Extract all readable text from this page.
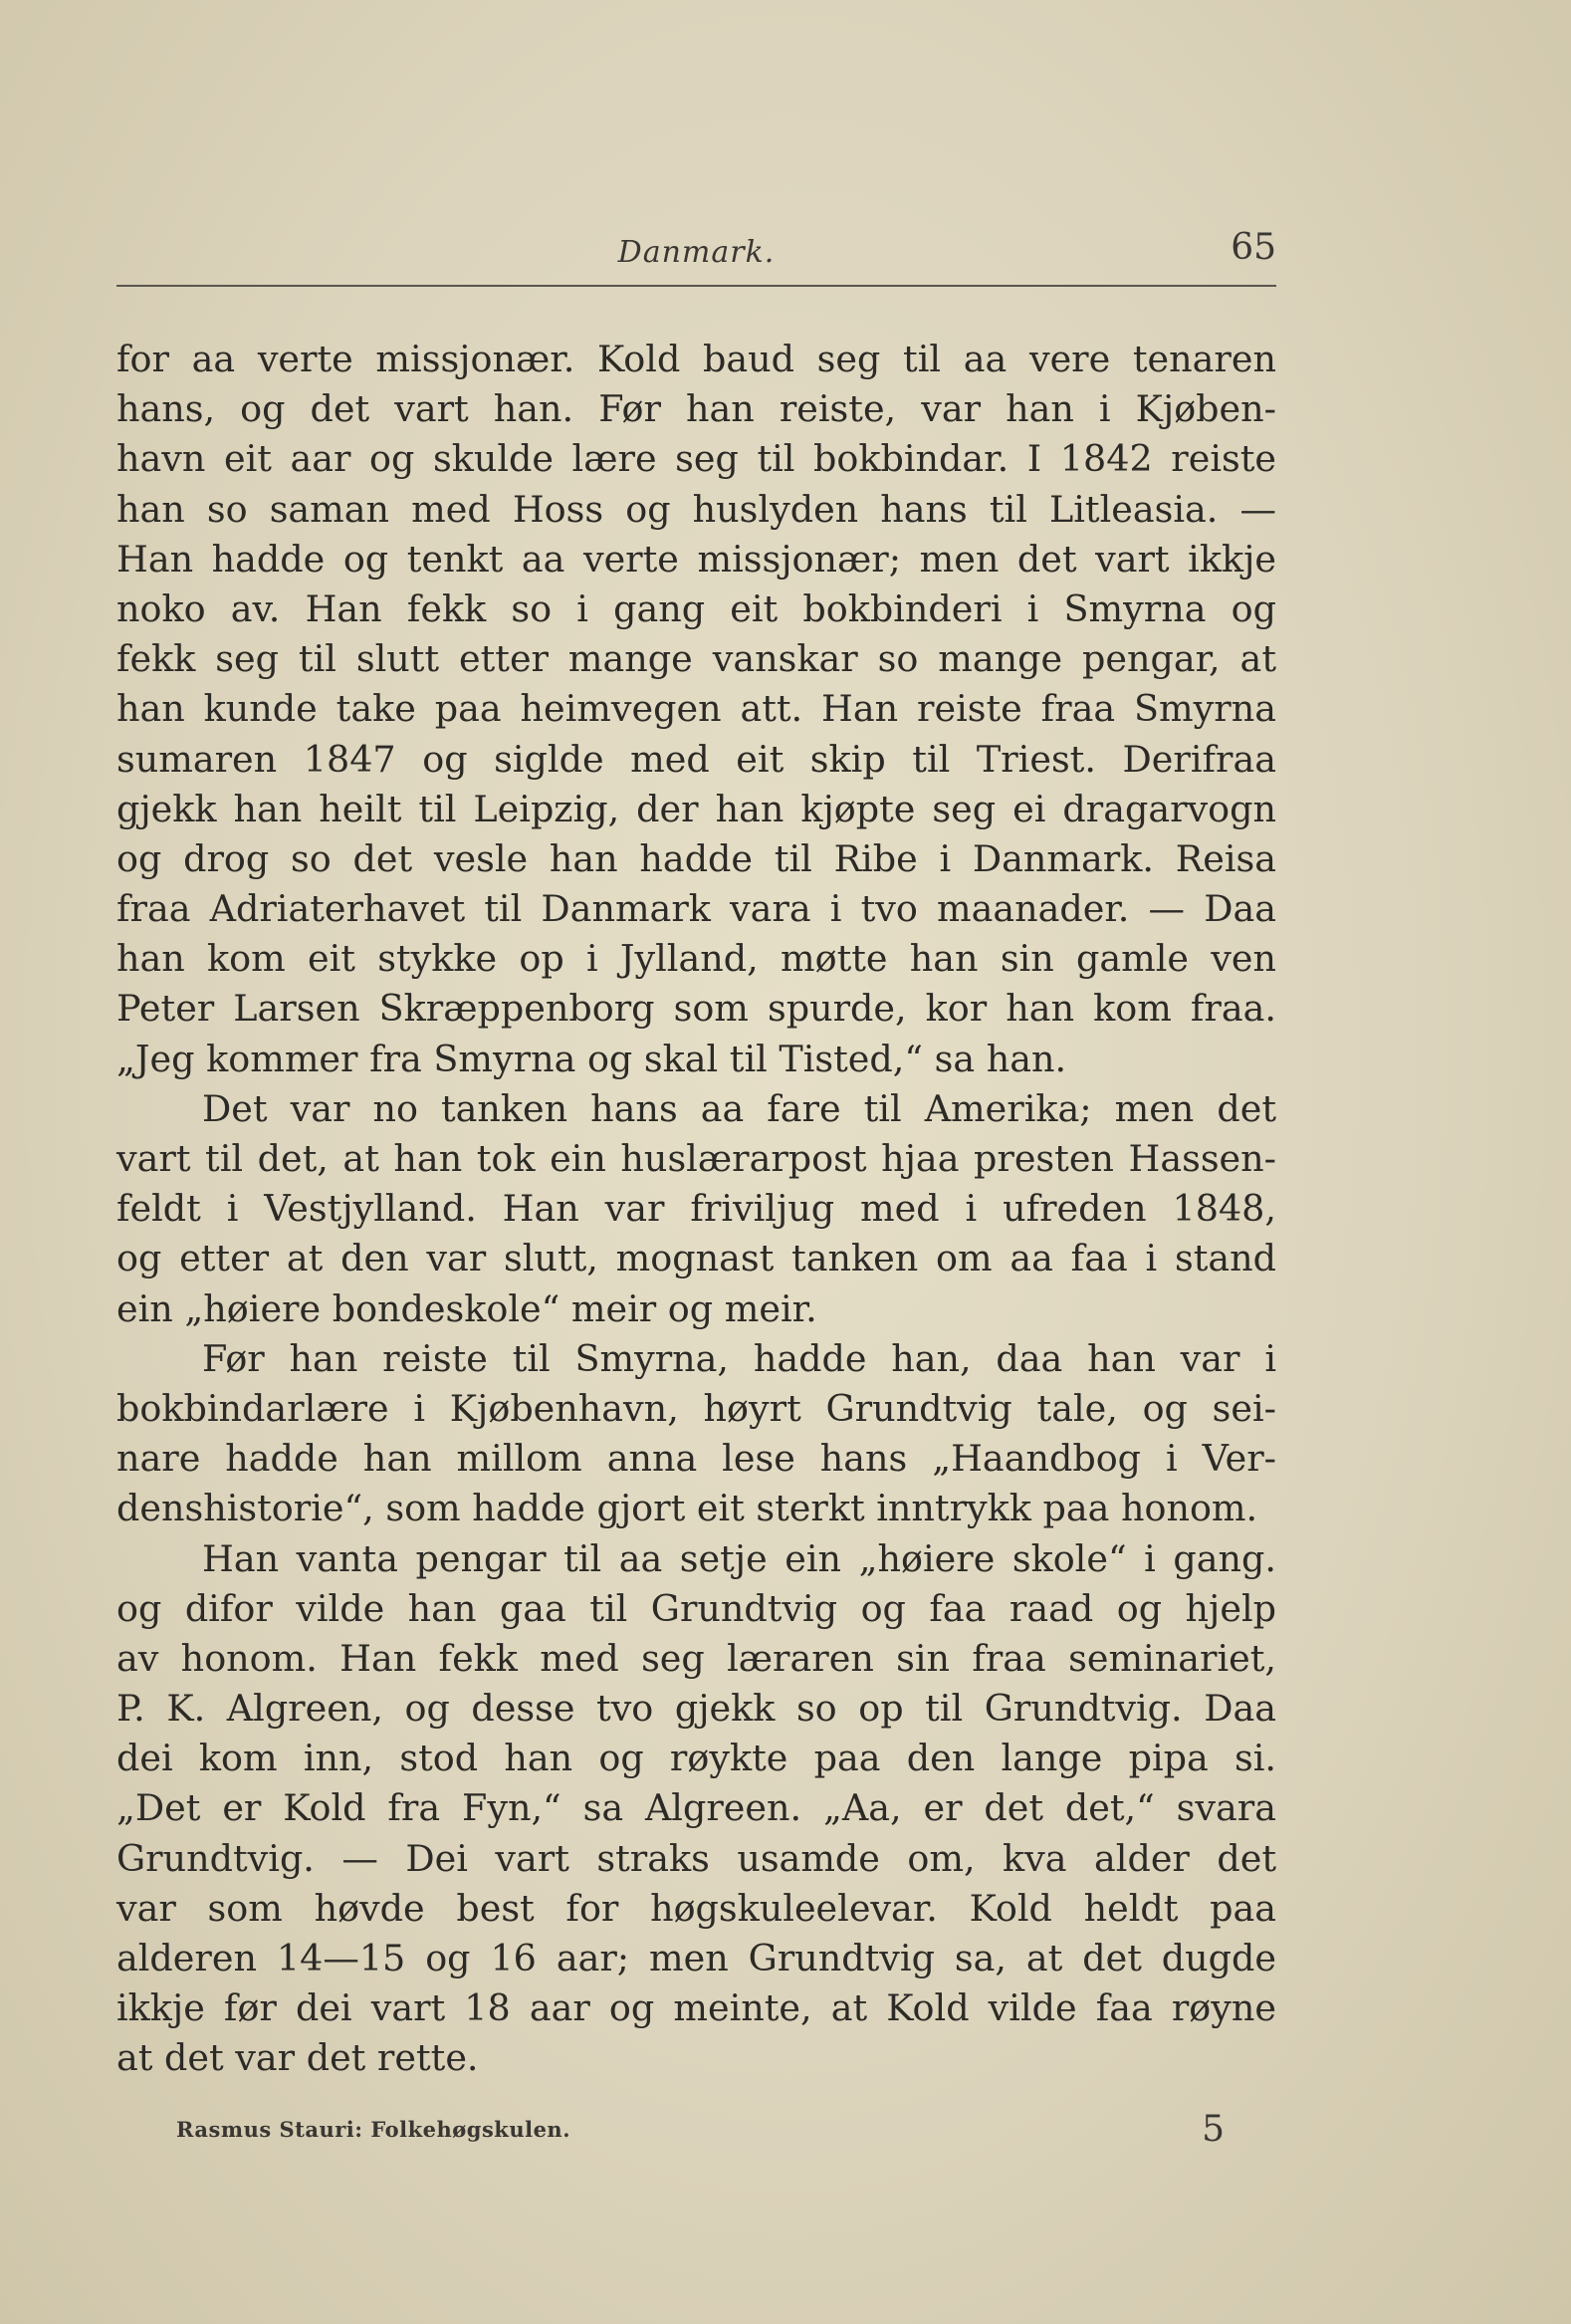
Danmark.	65
for aa verte missjonær. Kold baud seg til aa vere tenaren
hans, og det vart han. Før han reiste, var han i Kjøben-
havn eit aar og skulde lære seg til bokbindar. I 1842 reiste
han so saman med Hoss og huslyden hans til Litleasia. —
Han hadde og tenkt aa verte missjonær; men det vart ikkje
noko av. Han fekk so i gang eit bokbinderi i Smyrna og
fekk seg til slutt etter mange vanskar so mange pengar, at
han kunde take paa heimvegen att. Han reiste fraa Smyrna
sumaren 1847 og siglde med eit skip til Triest. Derifraa
gjekk han heilt til Leipzig, der han kjøpte seg ei dragarvogn
og drog so det vesle han hadde til Ribe i Danmark. Reisa
fraa Adriaterhavet til Danmark vara i tvo maanader. — Daa
han kom eit stykke op i Jylland, møtte han sin gamle ven
Peter Larsen Skræppenborg som spurde, kor han kom fraa.
„Jeg kommer fra Smyrna og skal til Tisted,“ sa han.
Det var no tanken hans aa fare til Amerika; men det
vart til det, at han tok ein huslærarpost hjaa presten Hassen-
feldt i Vestjylland. Han var friviljug med i ufreden 1848,
og etter at den var slutt, mognast tanken om aa faa i stand
ein „høiere bondeskole“ meir og meir.
Før han reiste til Smyrna, hadde han, daa han var i
bokbindarlære i Kjøbenhavn, høyrt Grundtvig tale, og sei-
nare hadde han millom anna lese hans „Haandbog i Ver-
denshistorie“, som hadde gjort eit sterkt inntrykk paa honom.
Han vanta pengar til aa setje ein „høiere skole“ i gang.
og difor vilde han gaa til Grundtvig og faa raad og hjelp
av honom. Han fekk med seg læraren sin fraa seminariet,
P. K. Algreen, og desse tvo gjekk so op til Grundtvig. Daa
dei kom inn, stod han og røykte paa den lange pipa si.
„Det er Kold fra Fyn,“ sa Algreen. „Aa, er det det,“ svara
Grundtvig. — Dei vart straks usamde om, kva alder det
var som høvde best for høgskuleelevar. Kold heldt paa
alderen 14—15 og 16 aar; men Grundtvig sa, at det dugde
ikkje før dei vart 18 aar og meinte, at Kold vilde faa røyne
at det var det rette.
Rasmus Stauri: Folkehøgskulen.	5
